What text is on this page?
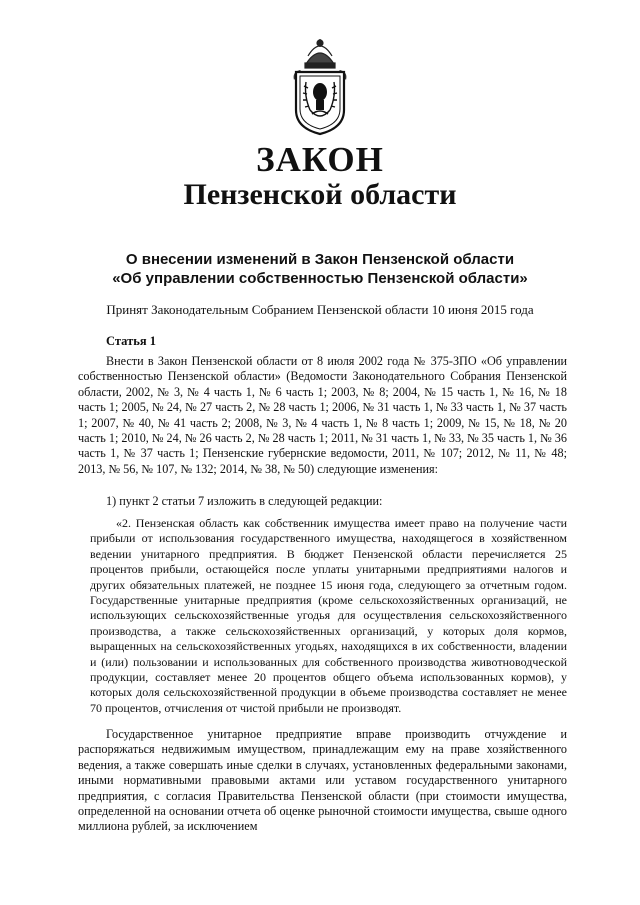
ЗАКОН
Пензенской области
О внесении изменений в Закон Пензенской области
«Об управлении собственностью Пензенской области»

Принят Законодательным Собранием Пензенской области 10 июня 2015 года

Статья 1

Внести в Закон Пензенской области от 8 июля 2002 года № 375-ЗПО «Об управлении собственностью Пензенской области» (Ведомости Законодательного Собрания Пензенской области, 2002, № 3, № 4 часть 1, № 6 часть 1; 2003, № 8; 2004, № 15 часть 1, № 16, № 18 часть 1; 2005, № 24, № 27 часть 2, № 28 часть 1; 2006, № 31 часть 1, № 33 часть 1, № 37 часть 1; 2007, № 40, № 41 часть 2; 2008, № 3, № 4 часть 1, № 8 часть 1; 2009, № 15, № 18, № 20 часть 1; 2010, № 24, № 26 часть 2, № 28 часть 1; 2011, № 31 часть 1, № 33, № 35 часть 1, № 36 часть 1, № 37 часть 1; Пензенские губернские ведомости, 2011, № 107; 2012, № 11, № 48; 2013, № 56, № 107, № 132; 2014, № 38, № 50) следующие изменения:

1) пункт 2 статьи 7 изложить в следующей редакции:

«2. Пензенская область как собственник имущества имеет право на получение части прибыли от использования государственного имущества, находящегося в хозяйственном ведении унитарного предприятия. В бюджет Пензенской области перечисляется 25 процентов прибыли, остающейся после уплаты унитарными предприятиями налогов и других обязательных платежей, не позднее 15 июня года, следующего за отчетным годом. Государственные унитарные предприятия (кроме сельскохозяйственных организаций, не использующих сельскохозяйственные угодья для осуществления сельскохозяйственного производства, а также сельскохозяйственных организаций, у которых доля кормов, выращенных на сельскохозяйственных угодьях, находящихся в их собственности, владении и (или) пользовании и использованных для собственного производства животноводческой продукции, составляет менее 20 процентов общего объема использованных кормов), у которых доля сельскохозяйственной продукции в объеме производства составляет не менее 70 процентов, отчисления от чистой прибыли не производят.

Государственное унитарное предприятие вправе производить отчуждение и распоряжаться недвижимым имуществом, принадлежащим ему на праве хозяйственного ведения, а также совершать иные сделки в случаях, установленных федеральными законами, иными нормативными правовыми актами или уставом государственного унитарного предприятия, с согласия Правительства Пензенской области (при стоимости имущества, определенной на основании отчета об оценке рыночной стоимости имущества, свыше одного миллиона рублей, за исключением
